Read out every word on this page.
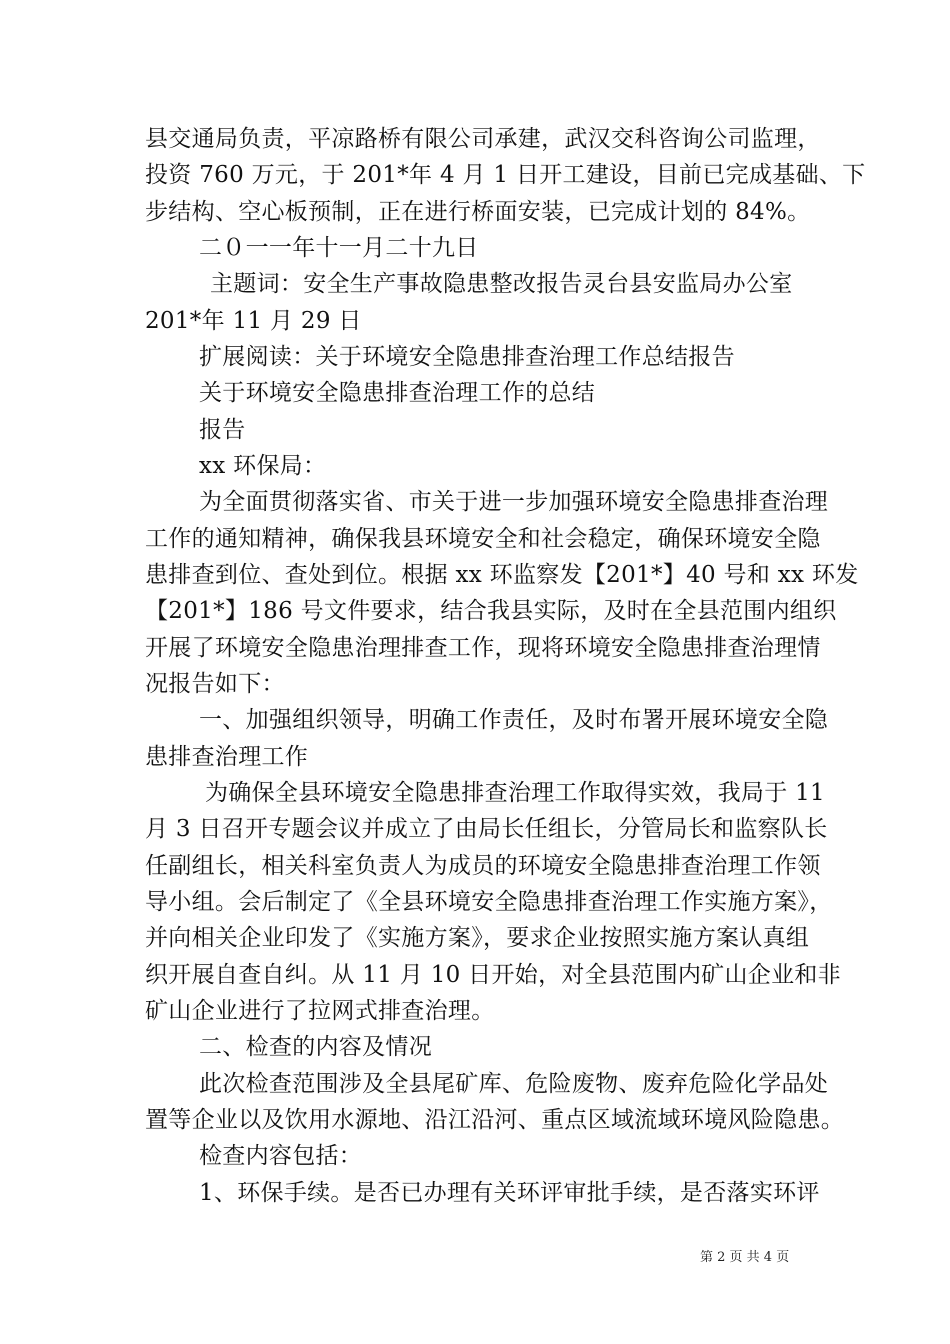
县交通局负责，平凉路桥有限公司承建，武汉交科咨询公司监理，
投资 760 万元，于 201*年 4 月 1 日开工建设，目前已完成基础、下
步结构、空心板预制，正在进行桥面安装，已完成计划的 84%。
二０一一年十一月二十九日
主题词：安全生产事故隐患整改报告灵台县安监局办公室
201*年 11 月 29 日
扩展阅读：关于环境安全隐患排查治理工作总结报告
关于环境安全隐患排查治理工作的总结
报告
xx 环保局：
为全面贯彻落实省、市关于进一步加强环境安全隐患排查治理
工作的通知精神，确保我县环境安全和社会稳定，确保环境安全隐
患排查到位、查处到位。根据 xx 环监察发【201*】40 号和 xx 环发
【201*】186 号文件要求，结合我县实际，及时在全县范围内组织
开展了环境安全隐患治理排查工作，现将环境安全隐患排查治理情
况报告如下：
一、加强组织领导，明确工作责任，及时布署开展环境安全隐
患排查治理工作
为确保全县环境安全隐患排查治理工作取得实效，我局于 11
月 3 日召开专题会议并成立了由局长任组长，分管局长和监察队长
任副组长，相关科室负责人为成员的环境安全隐患排查治理工作领
导小组。会后制定了《全县环境安全隐患排查治理工作实施方案》，
并向相关企业印发了《实施方案》，要求企业按照实施方案认真组
织开展自查自纠。从 11 月 10 日开始，对全县范围内矿山企业和非
矿山企业进行了拉网式排查治理。
二、检查的内容及情况
此次检查范围涉及全县尾矿库、危险废物、废弃危险化学品处
置等企业以及饮用水源地、沿江沿河、重点区域流域环境风险隐患。
检查内容包括：
1、环保手续。是否已办理有关环评审批手续，是否落实环评
第 2 页 共 4 页
